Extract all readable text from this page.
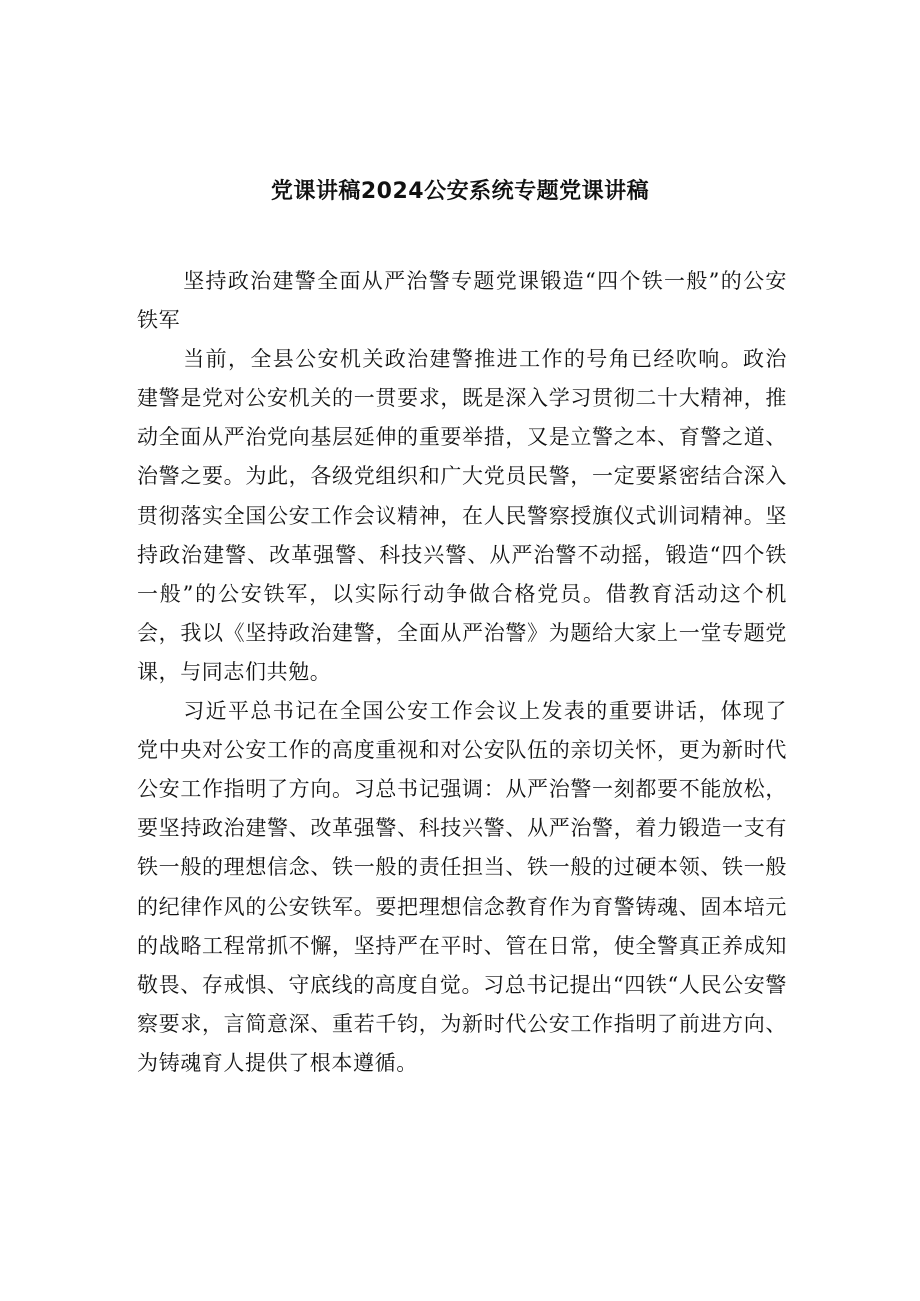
党课讲稿2024公安系统专题党课讲稿

坚持政治建警全面从严治警专题党课锻造“四个铁一般”的公安铁军

当前，全县公安机关政治建警推进工作的号角已经吹响。政治建警是党对公安机关的一贯要求，既是深入学习贯彻二十大精神，推动全面从严治党向基层延伸的重要举措，又是立警之本、育警之道、治警之要。为此，各级党组织和广大党员民警，一定要紧密结合深入贯彻落实全国公安工作会议精神，在人民警察授旗仪式训词精神。坚持政治建警、改革强警、科技兴警、从严治警不动摇，锻造“四个铁一般”的公安铁军，以实际行动争做合格党员。借教育活动这个机会，我以《坚持政治建警，全面从严治警》为题给大家上一堂专题党课，与同志们共勉。

习近平总书记在全国公安工作会议上发表的重要讲话，体现了党中央对公安工作的高度重视和对公安队伍的亲切关怀，更为新时代公安工作指明了方向。习总书记强调：从严治警一刻都要不能放松，要坚持政治建警、改革强警、科技兴警、从严治警，着力锻造一支有铁一般的理想信念、铁一般的责任担当、铁一般的过硬本领、铁一般的纪律作风的公安铁军。要把理想信念教育作为育警铸魂、固本培元的战略工程常抓不懈，坚持严在平时、管在日常，使全警真正养成知敬畏、存戒惧、守底线的高度自觉。习总书记提出“四铁“人民公安警察要求，言简意深、重若千钧，为新时代公安工作指明了前进方向、为铸魂育人提供了根本遵循。
